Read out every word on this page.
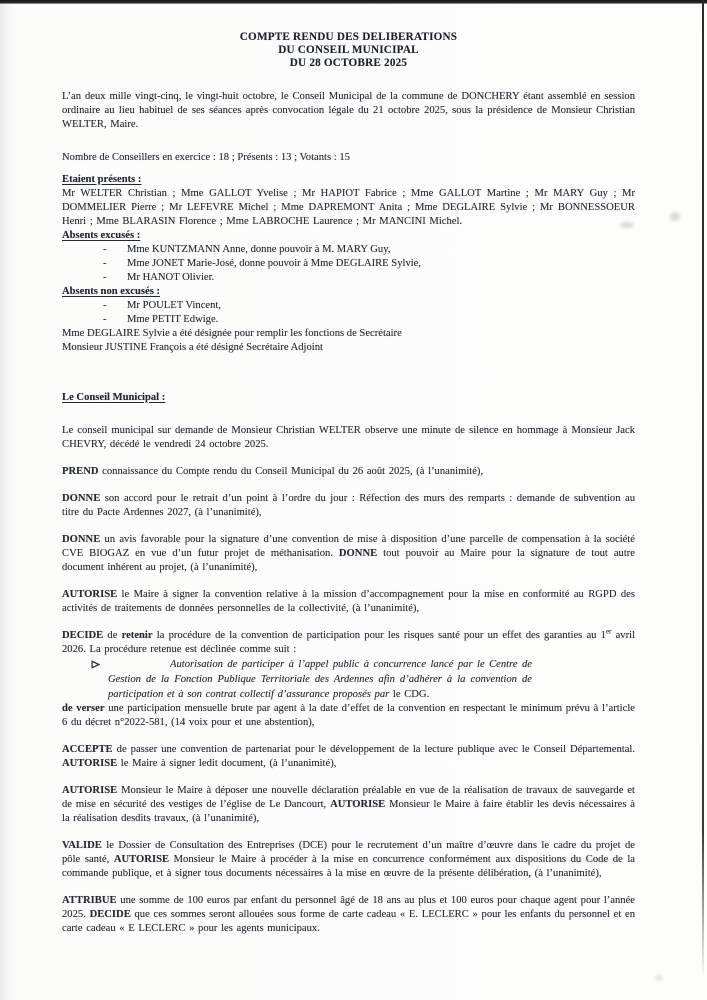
COMPTE RENDU DES DELIBERATIONS
DU CONSEIL MUNICIPAL
DU 28 OCTOBRE 2025

L’an deux mille vingt-cinq, le vingt-huit octobre, le Conseil Municipal de la commune de DONCHERY étant assemblé en session ordinaire au lieu habituel de ses séances après convocation légale du 21 octobre 2025, sous la présidence de Monsieur Christian WELTER, Maire.

Nombre de Conseillers en exercice : 18 ; Présents : 13 ; Votants : 15

Etaient présents :

Mr WELTER Christian ; Mme GALLOT Yvelise ; Mr HAPIOT Fabrice ; Mme GALLOT Martine ; Mr MARY Guy ; Mr DOMMELIER Pierre ; Mr LEFEVRE Michel ; Mme DAPREMONT Anita ; Mme DEGLAIRE Sylvie ; Mr BONNESSOEUR Henri ; Mme BLARASIN Florence ; Mme LABROCHE Laurence ; Mr MANCINI Michel.

Absents excusés :

- Mme KUNTZMANN Anne, donne pouvoir à M. MARY Guy,
- Mme JONET Marie-José, donne pouvoir à Mme DEGLAIRE Sylvie,
- Mr HANOT Olivier.

Absents non excusés :

- Mr POULET Vincent,
- Mme PETIT Edwige.

Mme DEGLAIRE Sylvie a été désignée pour remplir les fonctions de Secrétaire

Monsieur JUSTINE François a été désigné Secrétaire Adjoint

Le Conseil Municipal :

Le conseil municipal sur demande de Monsieur Christian WELTER observe une minute de silence en hommage à Monsieur Jack CHEVRY, décédé le vendredi 24 octobre 2025.

PREND connaissance du Compte rendu du Conseil Municipal du 26 août 2025, (à l’unanimité),

DONNE son accord pour le retrait d’un point à l’ordre du jour : Réfection des murs des remparts : demande de subvention au titre du Pacte Ardennes 2027, (à l’unanimité),

DONNE un avis favorable pour la signature d’une convention de mise à disposition d’une parcelle de compensation à la société CVE BIOGAZ en vue d’un futur projet de méthanisation. DONNE tout pouvoir au Maire pour la signature de tout autre document inhérent au projet, (à l’unanimité),

AUTORISE le Maire à signer la convention relative à la mission d’accompagnement pour la mise en conformité au RGPD des activités de traitements de données personnelles de la collectivité, (à l’unanimité),

DECIDE de retenir la procédure de la convention de participation pour les risques santé pour un effet des garanties au 1er avril 2026. La procédure retenue est déclinée comme suit :

Autorisation de participer à l’appel public à concurrence lancé par le Centre de Gestion de la Fonction Publique Territoriale des Ardennes afin d’adhérer à la convention de participation et à son contrat collectif d’assurance proposés par le CDG.

de verser une participation mensuelle brute par agent à la date d’effet de la convention en respectant le minimum prévu à l’article 6 du décret n°2022-581, (14 voix pour et une abstention),

ACCEPTE de passer une convention de partenariat pour le développement de la lecture publique avec le Conseil Départemental. AUTORISE le Maire à signer ledit document, (à l’unanimité),

AUTORISE Monsieur le Maire à déposer une nouvelle déclaration préalable en vue de la réalisation de travaux de sauvegarde et de mise en sécurité des vestiges de l’église de Le Dancourt, AUTORISE Monsieur le Maire à faire établir les devis nécessaires à la réalisation desdits travaux, (à l’unanimité),

VALIDE le Dossier de Consultation des Entreprises (DCE) pour le recrutement d’un maître d’œuvre dans le cadre du projet de pôle santé, AUTORISE Monsieur le Maire à procéder à la mise en concurrence conformément aux dispositions du Code de la commande publique, et à signer tous documents nécessaires à la mise en œuvre de la présente délibération, (à l’unanimité),

ATTRIBUE une somme de 100 euros par enfant du personnel âgé de 18 ans au plus et 100 euros pour chaque agent pour l’année 2025. DECIDE que ces sommes seront allouées sous forme de carte cadeau « E. LECLERC » pour les enfants du personnel et en carte cadeau « E LECLERC » pour les agents municipaux.
